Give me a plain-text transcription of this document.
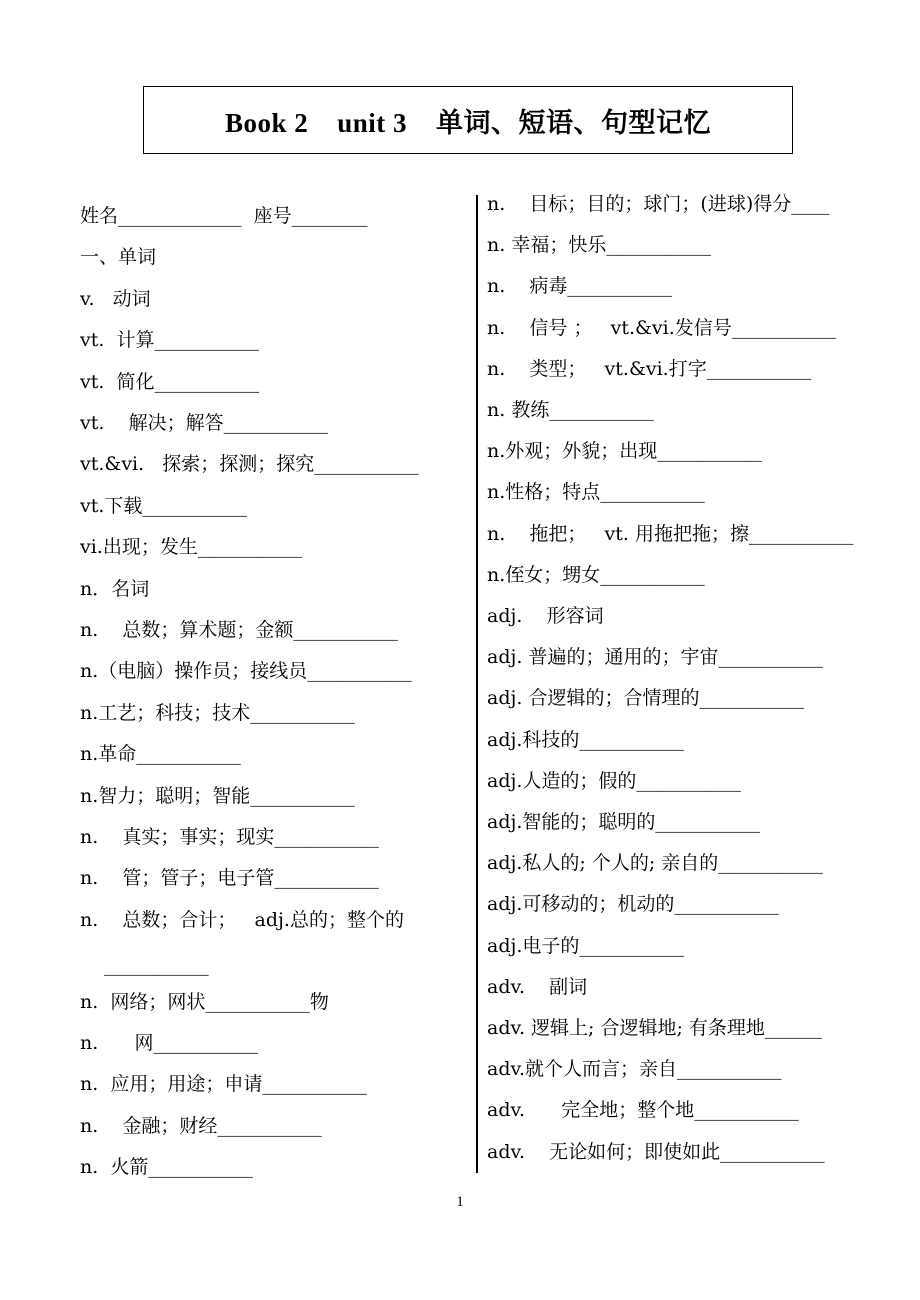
Book 2    unit 3    单词、短语、句型记忆
姓名_____________  座号________
一、单词
v.   动词
vt.  计算___________
vt.  简化___________
vt.    解决；解答___________
vt.&vi.   探索；探测；探究___________
vt.下载___________
vi.出现；发生___________
n．名词
n.    总数；算术题；金额___________
n.（电脑）操作员；接线员___________
n.工艺；科技；技术___________
n.革命___________
n.智力；聪明；智能___________
n.    真实；事实；现实___________
n.    管；管子；电子管___________
n.    总数；合计；   adj.总的；整个的
___________
n.  网络；网状___________物
n.      网___________
n.  应用；用途；申请___________
n.    金融；财经___________
n.  火箭___________
n.    目标；目的；球门；(进球)得分____
n. 幸福；快乐___________
n.    病毒___________
n.    信号 ；   vt.&vi.发信号___________
n.    类型；   vt.&vi.打字___________
n. 教练___________
n.外观；外貌；出现___________
n.性格；特点___________
n.    拖把；   vt. 用拖把拖；擦___________
n.侄女；甥女___________
adj.    形容词
adj. 普遍的；通用的；宇宙___________
adj. 合逻辑的；合情理的___________
adj.科技的___________
adj.人造的；假的___________
adj.智能的；聪明的___________
adj.私人的; 个人的; 亲自的___________
adj.可移动的；机动的___________
adj.电子的___________
adv.    副词
adv. 逻辑上; 合逻辑地; 有条理地______
adv.就个人而言；亲自___________
adv.      完全地；整个地___________
adv.    无论如何；即使如此___________
1
